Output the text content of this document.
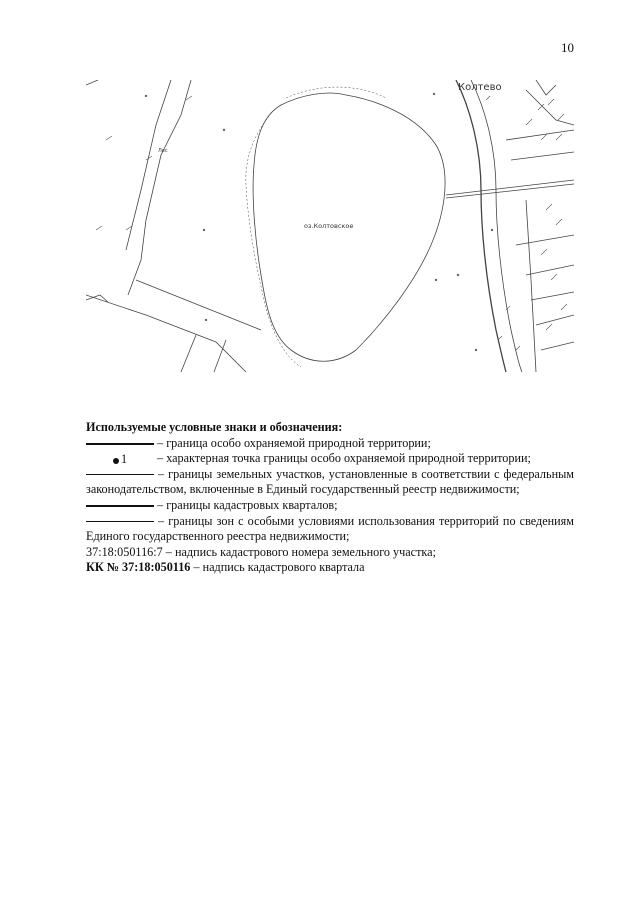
10
Колтево
оз.Колтовское
Лес
Используемые условные знаки и обозначения:
– граница особо охраняемой природной территории;
1 – характерная точка границы особо охраняемой природной территории;
– границы земельных участков, установленные в соответствии с федеральным законодательством, включенные в Единый государственный реестр недвижимости;
– границы кадастровых кварталов;
– границы зон с особыми условиями использования территорий по сведениям Единого государственного реестра недвижимости;
37:18:050116:7 – надпись кадастрового номера земельного участка;
КК № 37:18:050116 – надпись кадастрового квартала
